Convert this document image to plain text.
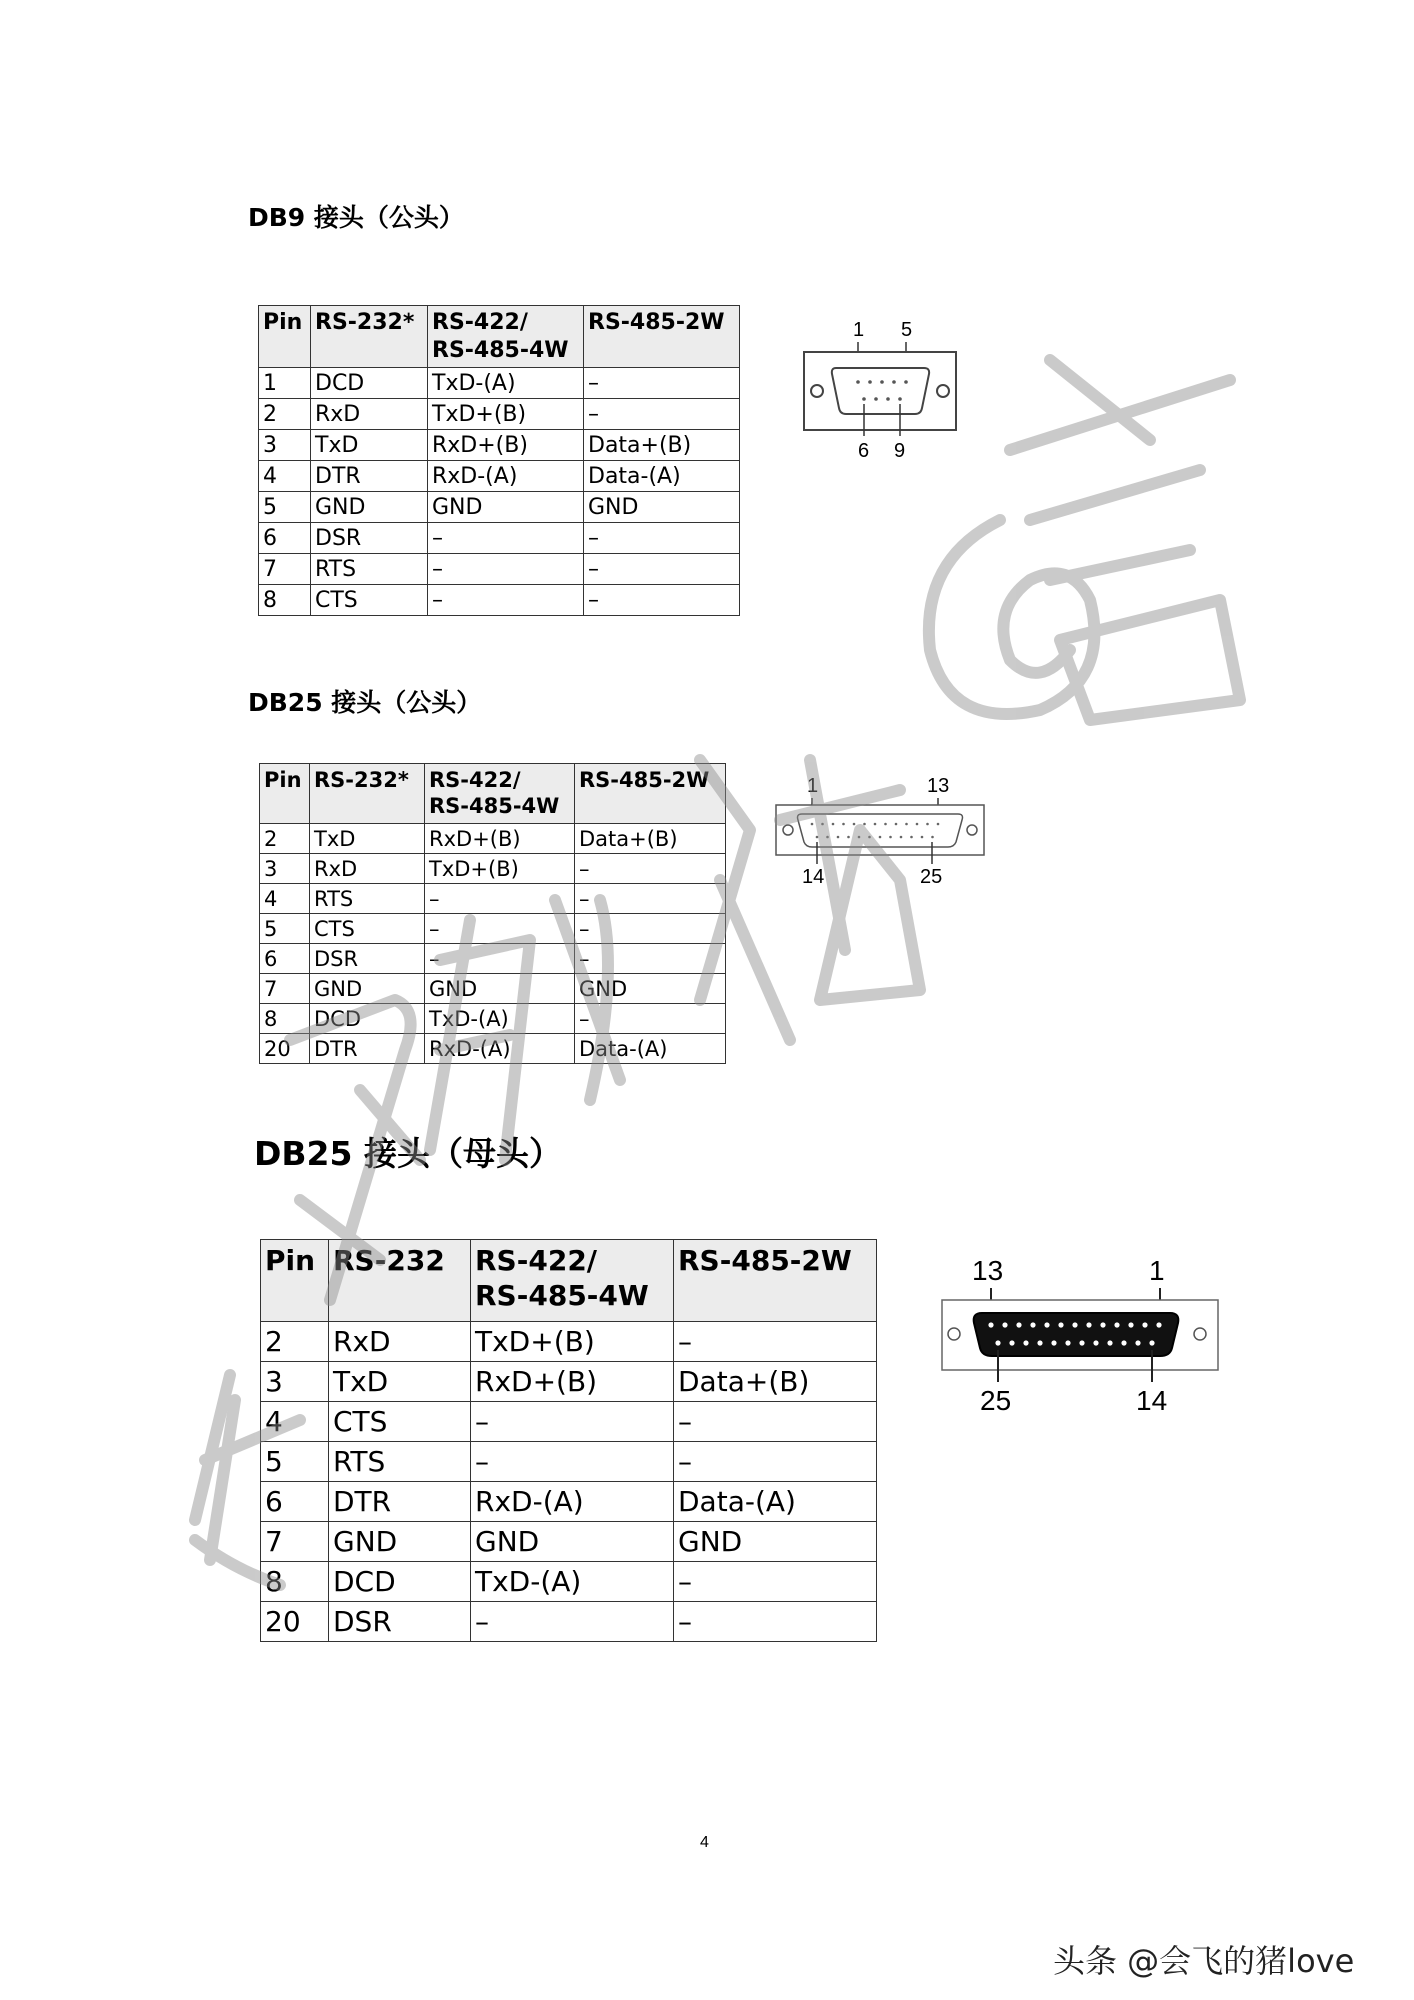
DB9 接头（公头）
Pin	RS-232*	RS-422/
RS-485-4W	RS-485-2W
1	DCD	TxD-(A)	–
2	RxD	TxD+(B)	–
3	TxD	RxD+(B)	Data+(B)
4	DTR	RxD-(A)	Data-(A)
5	GND	GND	GND
6	DSR	–	–
7	RTS	–	–
8	CTS	–	–
1 5
6 9
DB25 接头（公头）
Pin	RS-232*	RS-422/
RS-485-4W	RS-485-2W
2	TxD	RxD+(B)	Data+(B)
3	RxD	TxD+(B)	–
4	RTS	–	–
5	CTS	–	–
6	DSR	–	–
7	GND	GND	GND
8	DCD	TxD-(A)	–
20	DTR	RxD-(A)	Data-(A)
1	13
14	25
DB25 接头（母头）
Pin	RS-232	RS-422/
RS-485-4W	RS-485-2W
2	RxD	TxD+(B)	–
3	TxD	RxD+(B)	Data+(B)
4	CTS	–	–
5	RTS	–	–
6	DTR	RxD-(A)	Data-(A)
7	GND	GND	GND
8	DCD	TxD-(A)	–
20	DSR	–	–
13	1
25	14
4
头条 @会飞的猪love
